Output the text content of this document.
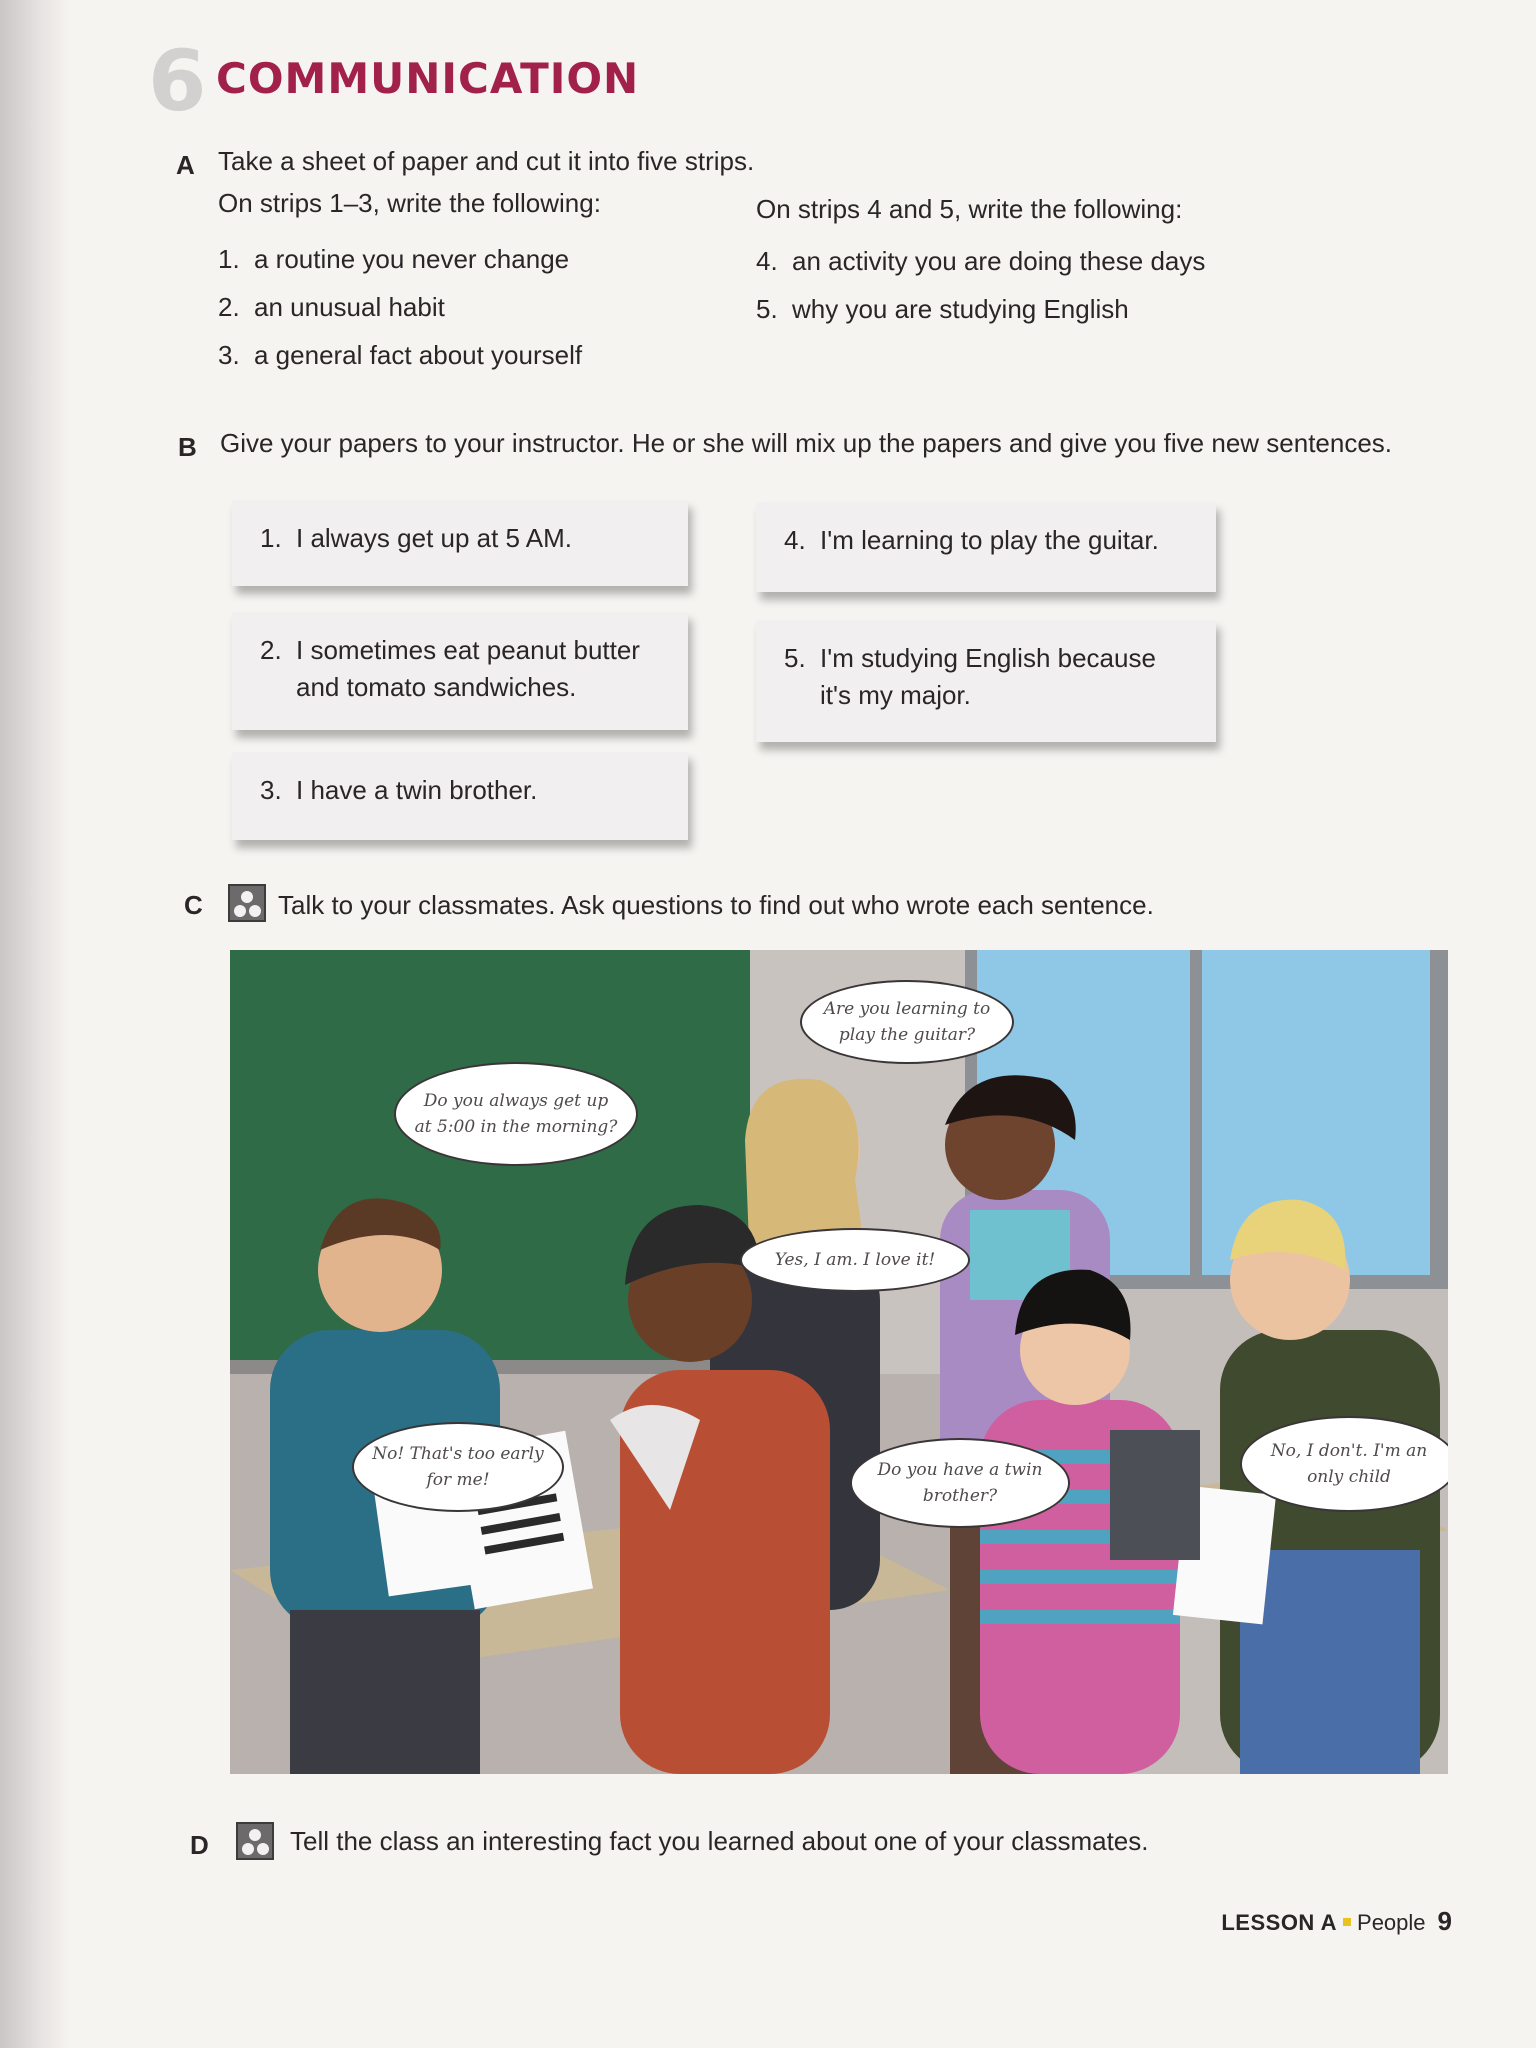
6 COMMUNICATION
A Take a sheet of paper and cut it into five strips.
On strips 1–3, write the following:	On strips 4 and 5, write the following:
1. a routine you never change
2. an unusual habit
3. a general fact about yourself
4. an activity you are doing these days
5. why you are studying English
B Give your papers to your instructor. He or she will mix up the papers and give you five new sentences.
1. I always get up at 5 AM.
2. I sometimes eat peanut butter
and tomato sandwiches.
3. I have a twin brother.
4. I'm learning to play the guitar.
5. I'm studying English because
it's my major.
C	Talk to your classmates. Ask questions to find out who wrote each sentence.
Do you always get up
at 5:00 in the morning?
Are you learning to
play the guitar?
Yes, I am. I love it!
No! That's too early
for me!	Do you have a twin
brother?
No, I don't. I'm an
only child
D	Tell the class an interesting fact you learned about one of your classmates.
LESSON A People 9
